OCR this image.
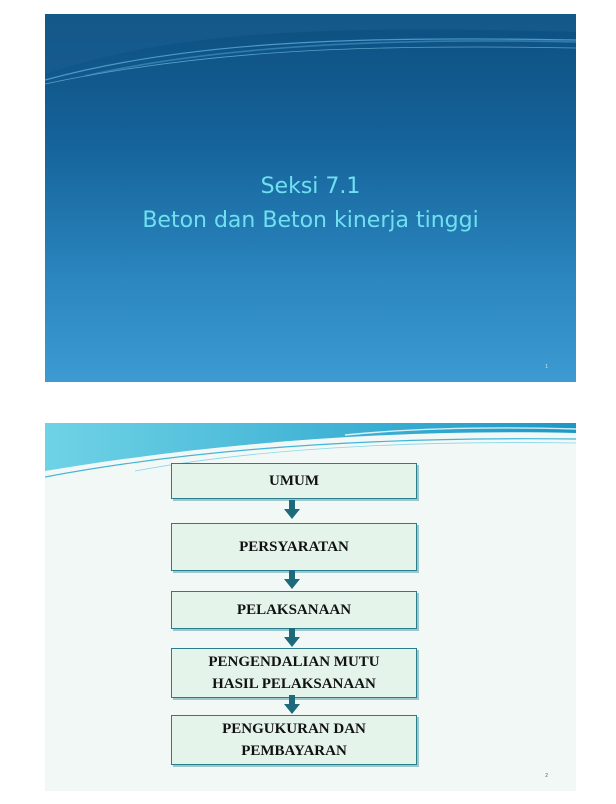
Seksi 7.1
Beton dan Beton kinerja tinggi
1
UMUM
PERSYARATAN
PELAKSANAAN
PENGENDALIAN MUTU
HASIL PELAKSANAAN
PENGUKURAN DAN
PEMBAYARAN
2
